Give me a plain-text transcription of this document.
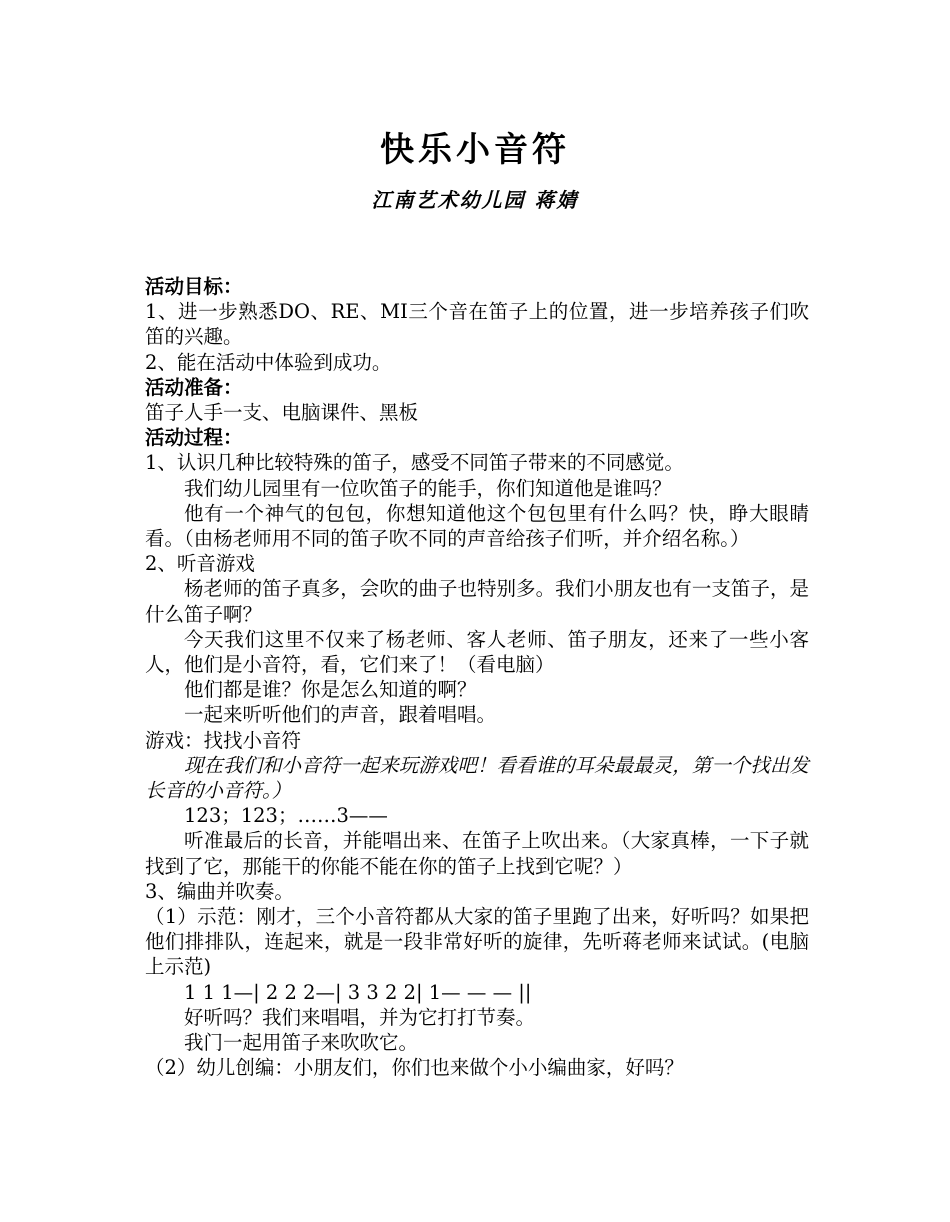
快乐小音符
江南艺术幼儿园 蒋婧

活动目标：

1、进一步熟悉DO、RE、MI三个音在笛子上的位置，进一步培养孩子们吹笛的兴趣。

2、能在活动中体验到成功。

活动准备：

笛子人手一支、电脑课件、黑板

活动过程：

1、认识几种比较特殊的笛子，感受不同笛子带来的不同感觉。

我们幼儿园里有一位吹笛子的能手，你们知道他是谁吗？

他有一个神气的包包，你想知道他这个包包里有什么吗？快，睁大眼睛看。（由杨老师用不同的笛子吹不同的声音给孩子们听，并介绍名称。）

2、听音游戏

杨老师的笛子真多，会吹的曲子也特别多。我们小朋友也有一支笛子，是什么笛子啊？

今天我们这里不仅来了杨老师、客人老师、笛子朋友，还来了一些小客人，他们是小音符，看，它们来了！（看电脑）

他们都是谁？你是怎么知道的啊？

一起来听听他们的声音，跟着唱唱。

游戏：找找小音符

现在我们和小音符一起来玩游戏吧！看看谁的耳朵最最灵，第一个找出发长音的小音符。）

123；123；……3——

听准最后的长音，并能唱出来、在笛子上吹出来。（大家真棒，一下子就找到了它，那能干的你能不能在你的笛子上找到它呢？）

3、编曲并吹奏。

（1）示范：刚才，三个小音符都从大家的笛子里跑了出来，好听吗？如果把他们排排队，连起来，就是一段非常好听的旋律，先听蒋老师来试试。(电脑上示范)

1 1 1—| 2 2 2—| 3 3 2 2| 1— — — ||

好听吗？我们来唱唱，并为它打打节奏。

我门一起用笛子来吹吹它。

（2）幼儿创编：小朋友们，你们也来做个小小编曲家，好吗？
